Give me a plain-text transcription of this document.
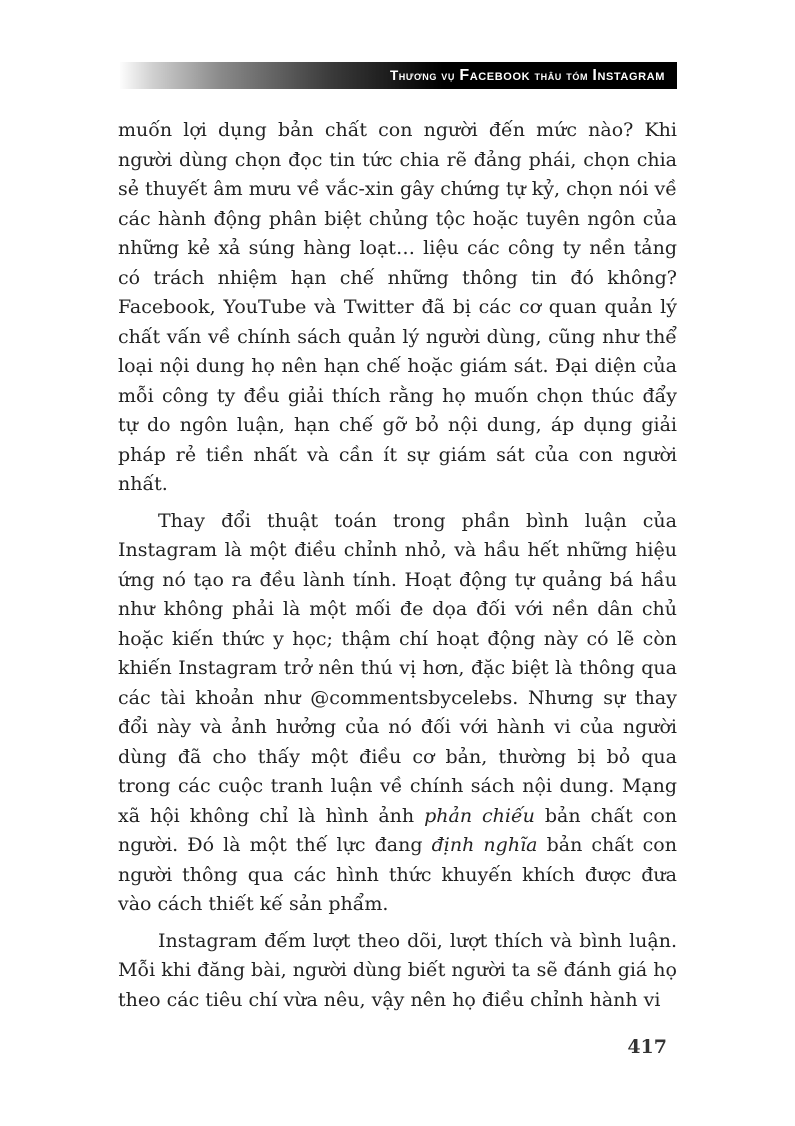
Thương vụ Facebook thâu tóm Instagram

muốn lợi dụng bản chất con người đến mức nào? Khi người dùng chọn đọc tin tức chia rẽ đảng phái, chọn chia sẻ thuyết âm mưu về vắc-xin gây chứng tự kỷ, chọn nói về các hành động phân biệt chủng tộc hoặc tuyên ngôn của những kẻ xả súng hàng loạt… liệu các công ty nền tảng có trách nhiệm hạn chế những thông tin đó không? Facebook, YouTube và Twitter đã bị các cơ quan quản lý chất vấn về chính sách quản lý người dùng, cũng như thể loại nội dung họ nên hạn chế hoặc giám sát. Đại diện của mỗi công ty đều giải thích rằng họ muốn chọn thúc đẩy tự do ngôn luận, hạn chế gỡ bỏ nội dung, áp dụng giải pháp rẻ tiền nhất và cần ít sự giám sát của con người nhất.

Thay đổi thuật toán trong phần bình luận của Instagram là một điều chỉnh nhỏ, và hầu hết những hiệu ứng nó tạo ra đều lành tính. Hoạt động tự quảng bá hầu như không phải là một mối đe dọa đối với nền dân chủ hoặc kiến thức y học; thậm chí hoạt động này có lẽ còn khiến Instagram trở nên thú vị hơn, đặc biệt là thông qua các tài khoản như @commentsbycelebs. Nhưng sự thay đổi này và ảnh hưởng của nó đối với hành vi của người dùng đã cho thấy một điều cơ bản, thường bị bỏ qua trong các cuộc tranh luận về chính sách nội dung. Mạng xã hội không chỉ là hình ảnh phản chiếu bản chất con người. Đó là một thế lực đang định nghĩa bản chất con người thông qua các hình thức khuyến khích được đưa vào cách thiết kế sản phẩm.

Instagram đếm lượt theo dõi, lượt thích và bình luận. Mỗi khi đăng bài, người dùng biết người ta sẽ đánh giá họ theo các tiêu chí vừa nêu, vậy nên họ điều chỉnh hành vi

417
